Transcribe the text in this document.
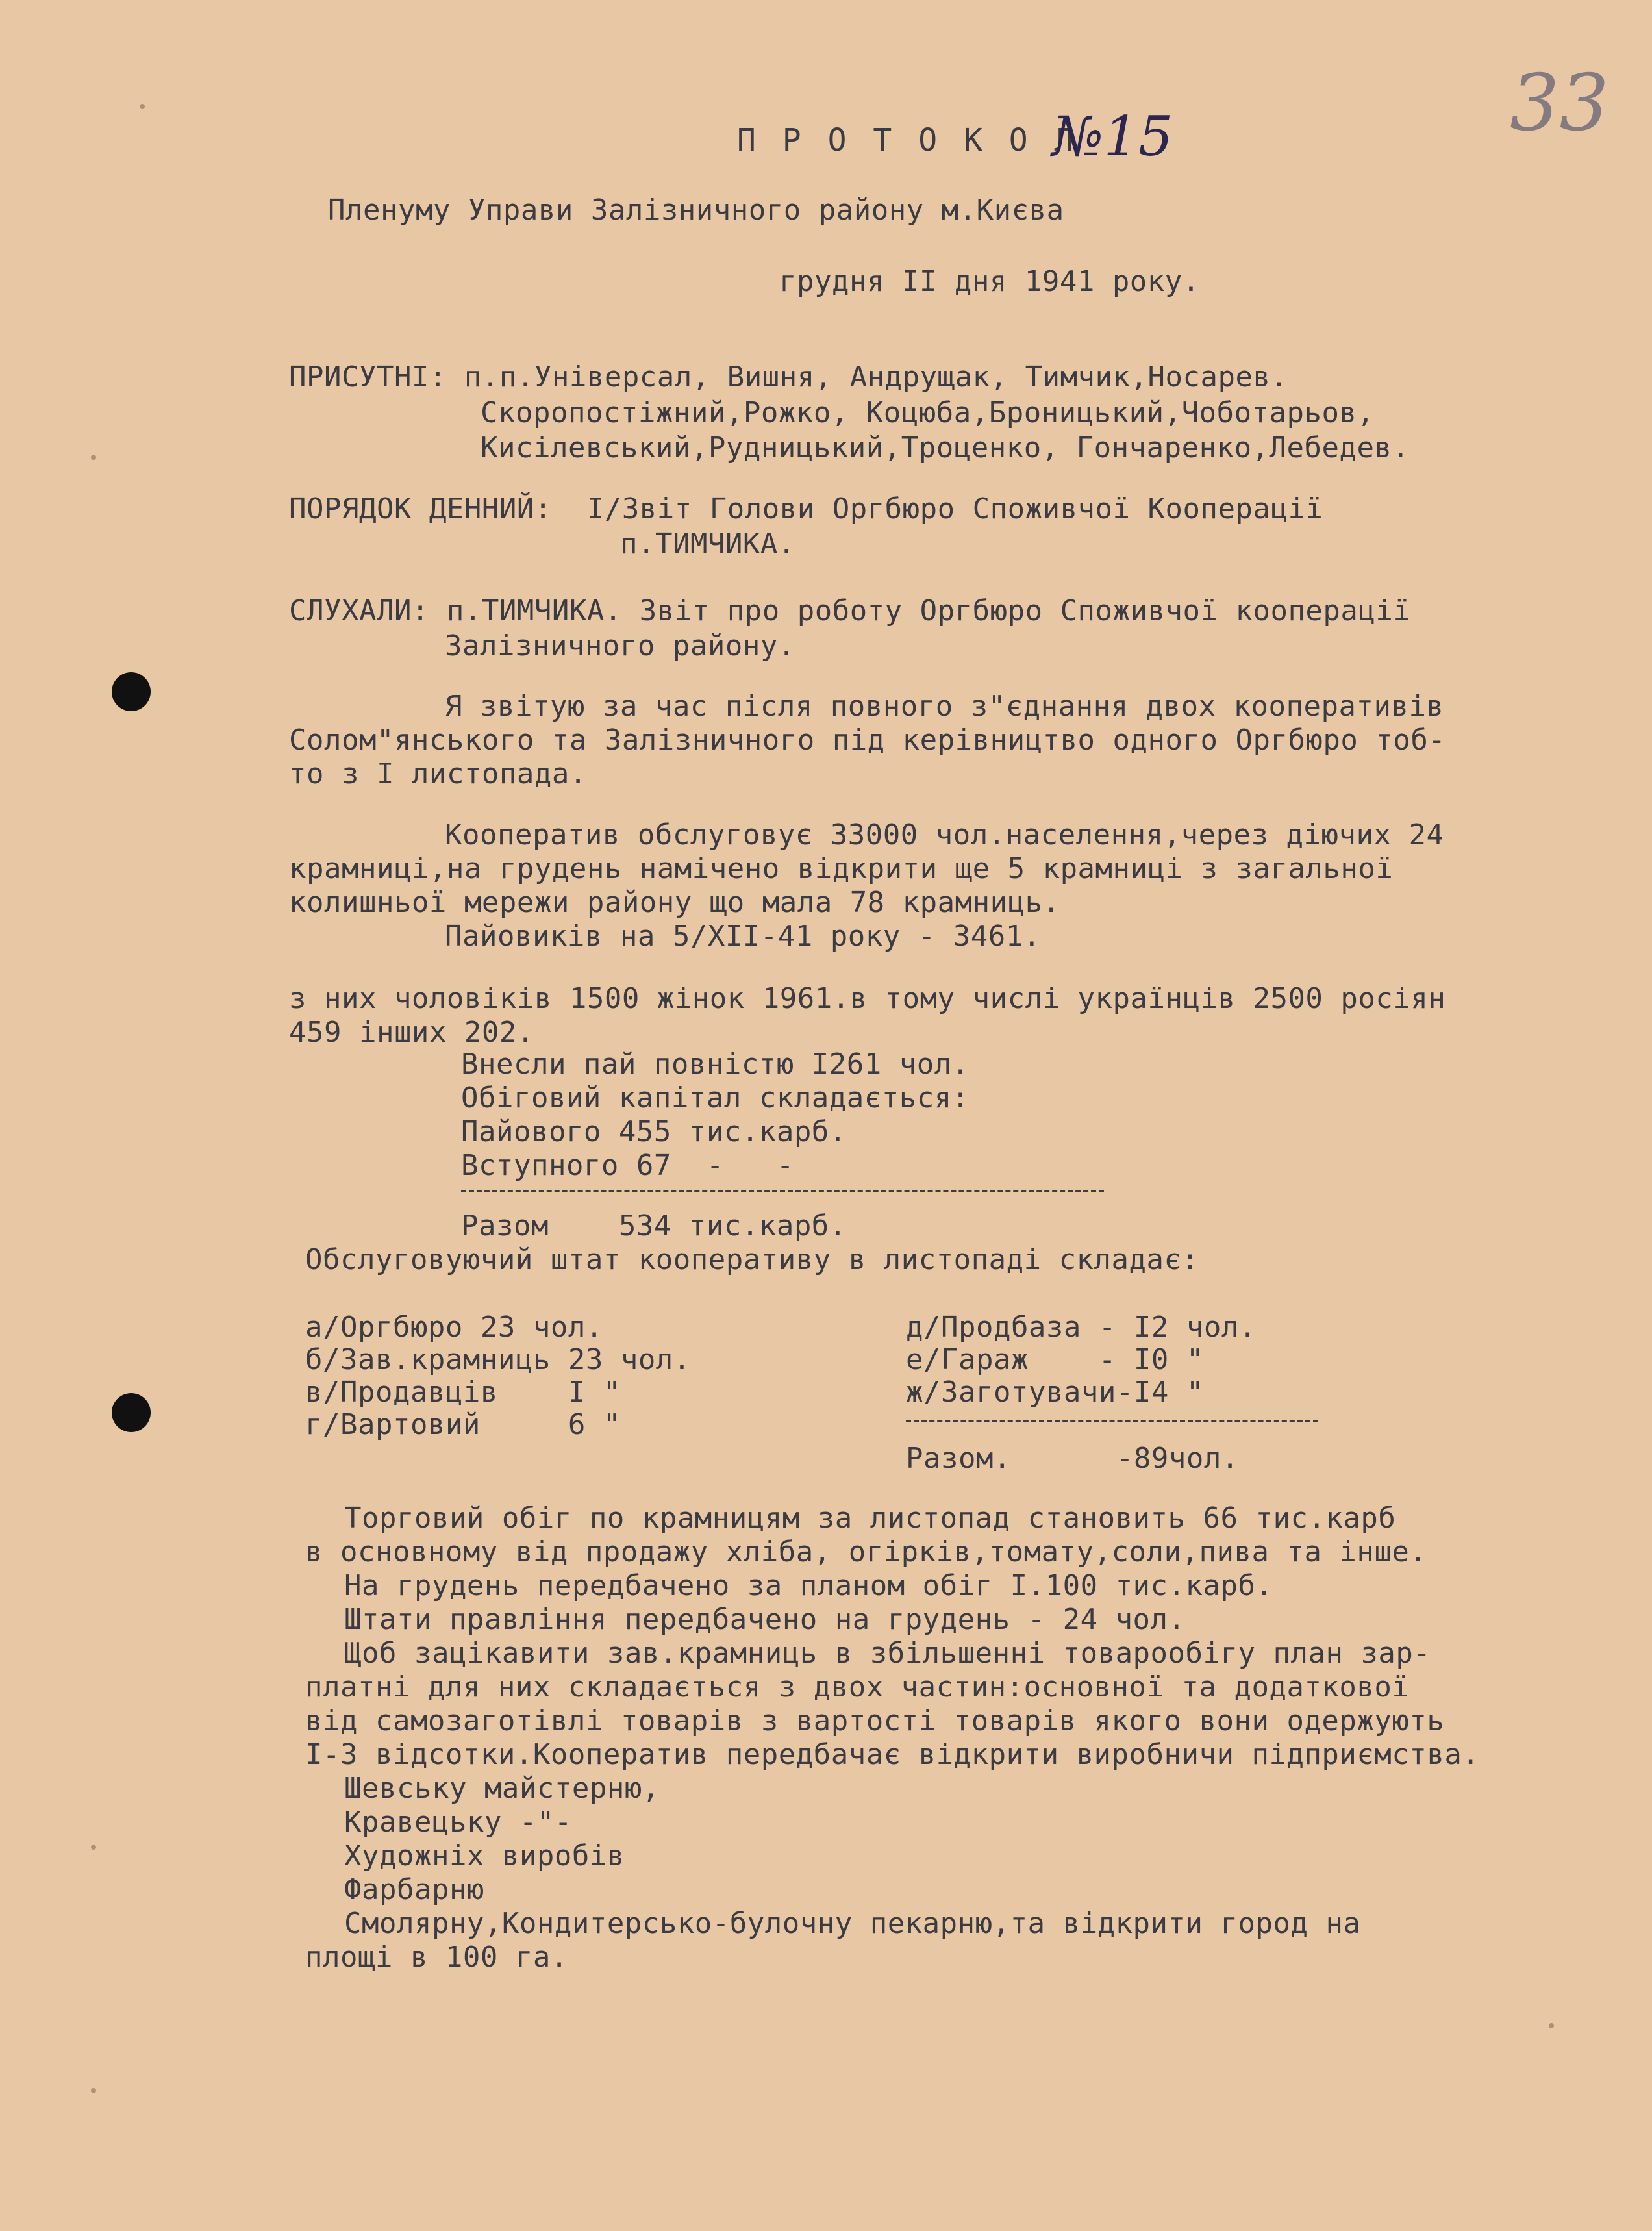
33
П Р О Т О К О Л
№15
Пленуму Управи Залізничного району м.Києва
грудня II дня 1941 року.
ПРИСУТНІ: п.п.Універсал, Вишня, Андрущак, Тимчик,Носарев.
Скоропостіжний,Рожко, Коцюба,Броницький,Чоботарьов,
Кисілевський,Рудницький,Троценко, Гончаренко,Лебедев.
ПОРЯДОК ДЕННИЙ:  I/Звіт Голови Оргбюро Споживчої Кооперації
п.ТИМЧИКА.
СЛУХАЛИ: п.ТИМЧИКА. Звіт про роботу Оргбюро Споживчої кооперації
Залізничного району.
Я звітую за час після повного з"єднання двох кооперативів
Солом"янського та Залізничного під керівництво одного Оргбюро тоб-
то з I листопада.
Кооператив обслуговує 33000 чол.населення,через діючих 24
крамниці,на грудень намічено відкрити ще 5 крамниці з загальної
колишньої мережи району що мала 78 крамниць.
Пайовиків на 5/XII-41 року - 3461.
з них чоловіків 1500 жінок 1961.в тому числі українців 2500 росіян
459 інших 202.
Внесли пай повністю I261 чол.
Обіговий капітал складається:
Пайового 455 тис.карб.
Вступного 67  -   -
Разом    534 тис.карб.
Обслуговуючий штат кооперативу в листопаді складає:
а/Оргбюро 23 чол.
б/Зав.крамниць 23 чол.
в/Продавців    I "
г/Вартовий     6 "
д/Продбаза - I2 чол.
е/Гараж    - I0 "
ж/Заготувачи-I4 "
Разом.      -89чол.
Торговий обіг по крамницям за листопад становить 66 тис.карб
в основному від продажу хліба, огірків,томату,соли,пива та інше.
На грудень передбачено за планом обіг I.100 тис.карб.
Штати правління передбачено на грудень - 24 чол.
Щоб зацікавити зав.крамниць в збільшенні товарообігу план зар-
платні для них складається з двох частин:основної та додаткової
від самозаготівлі товарів з вартості товарів якого вони одержують
I-3 відсотки.Кооператив передбачає відкрити виробничи підприємства.
Шевську майстерню,
Кравецьку -"-
Художніх виробів
Фарбарню
Смолярну,Кондитерсько-булочну пекарню,та відкрити город на
площі в 100 га.
